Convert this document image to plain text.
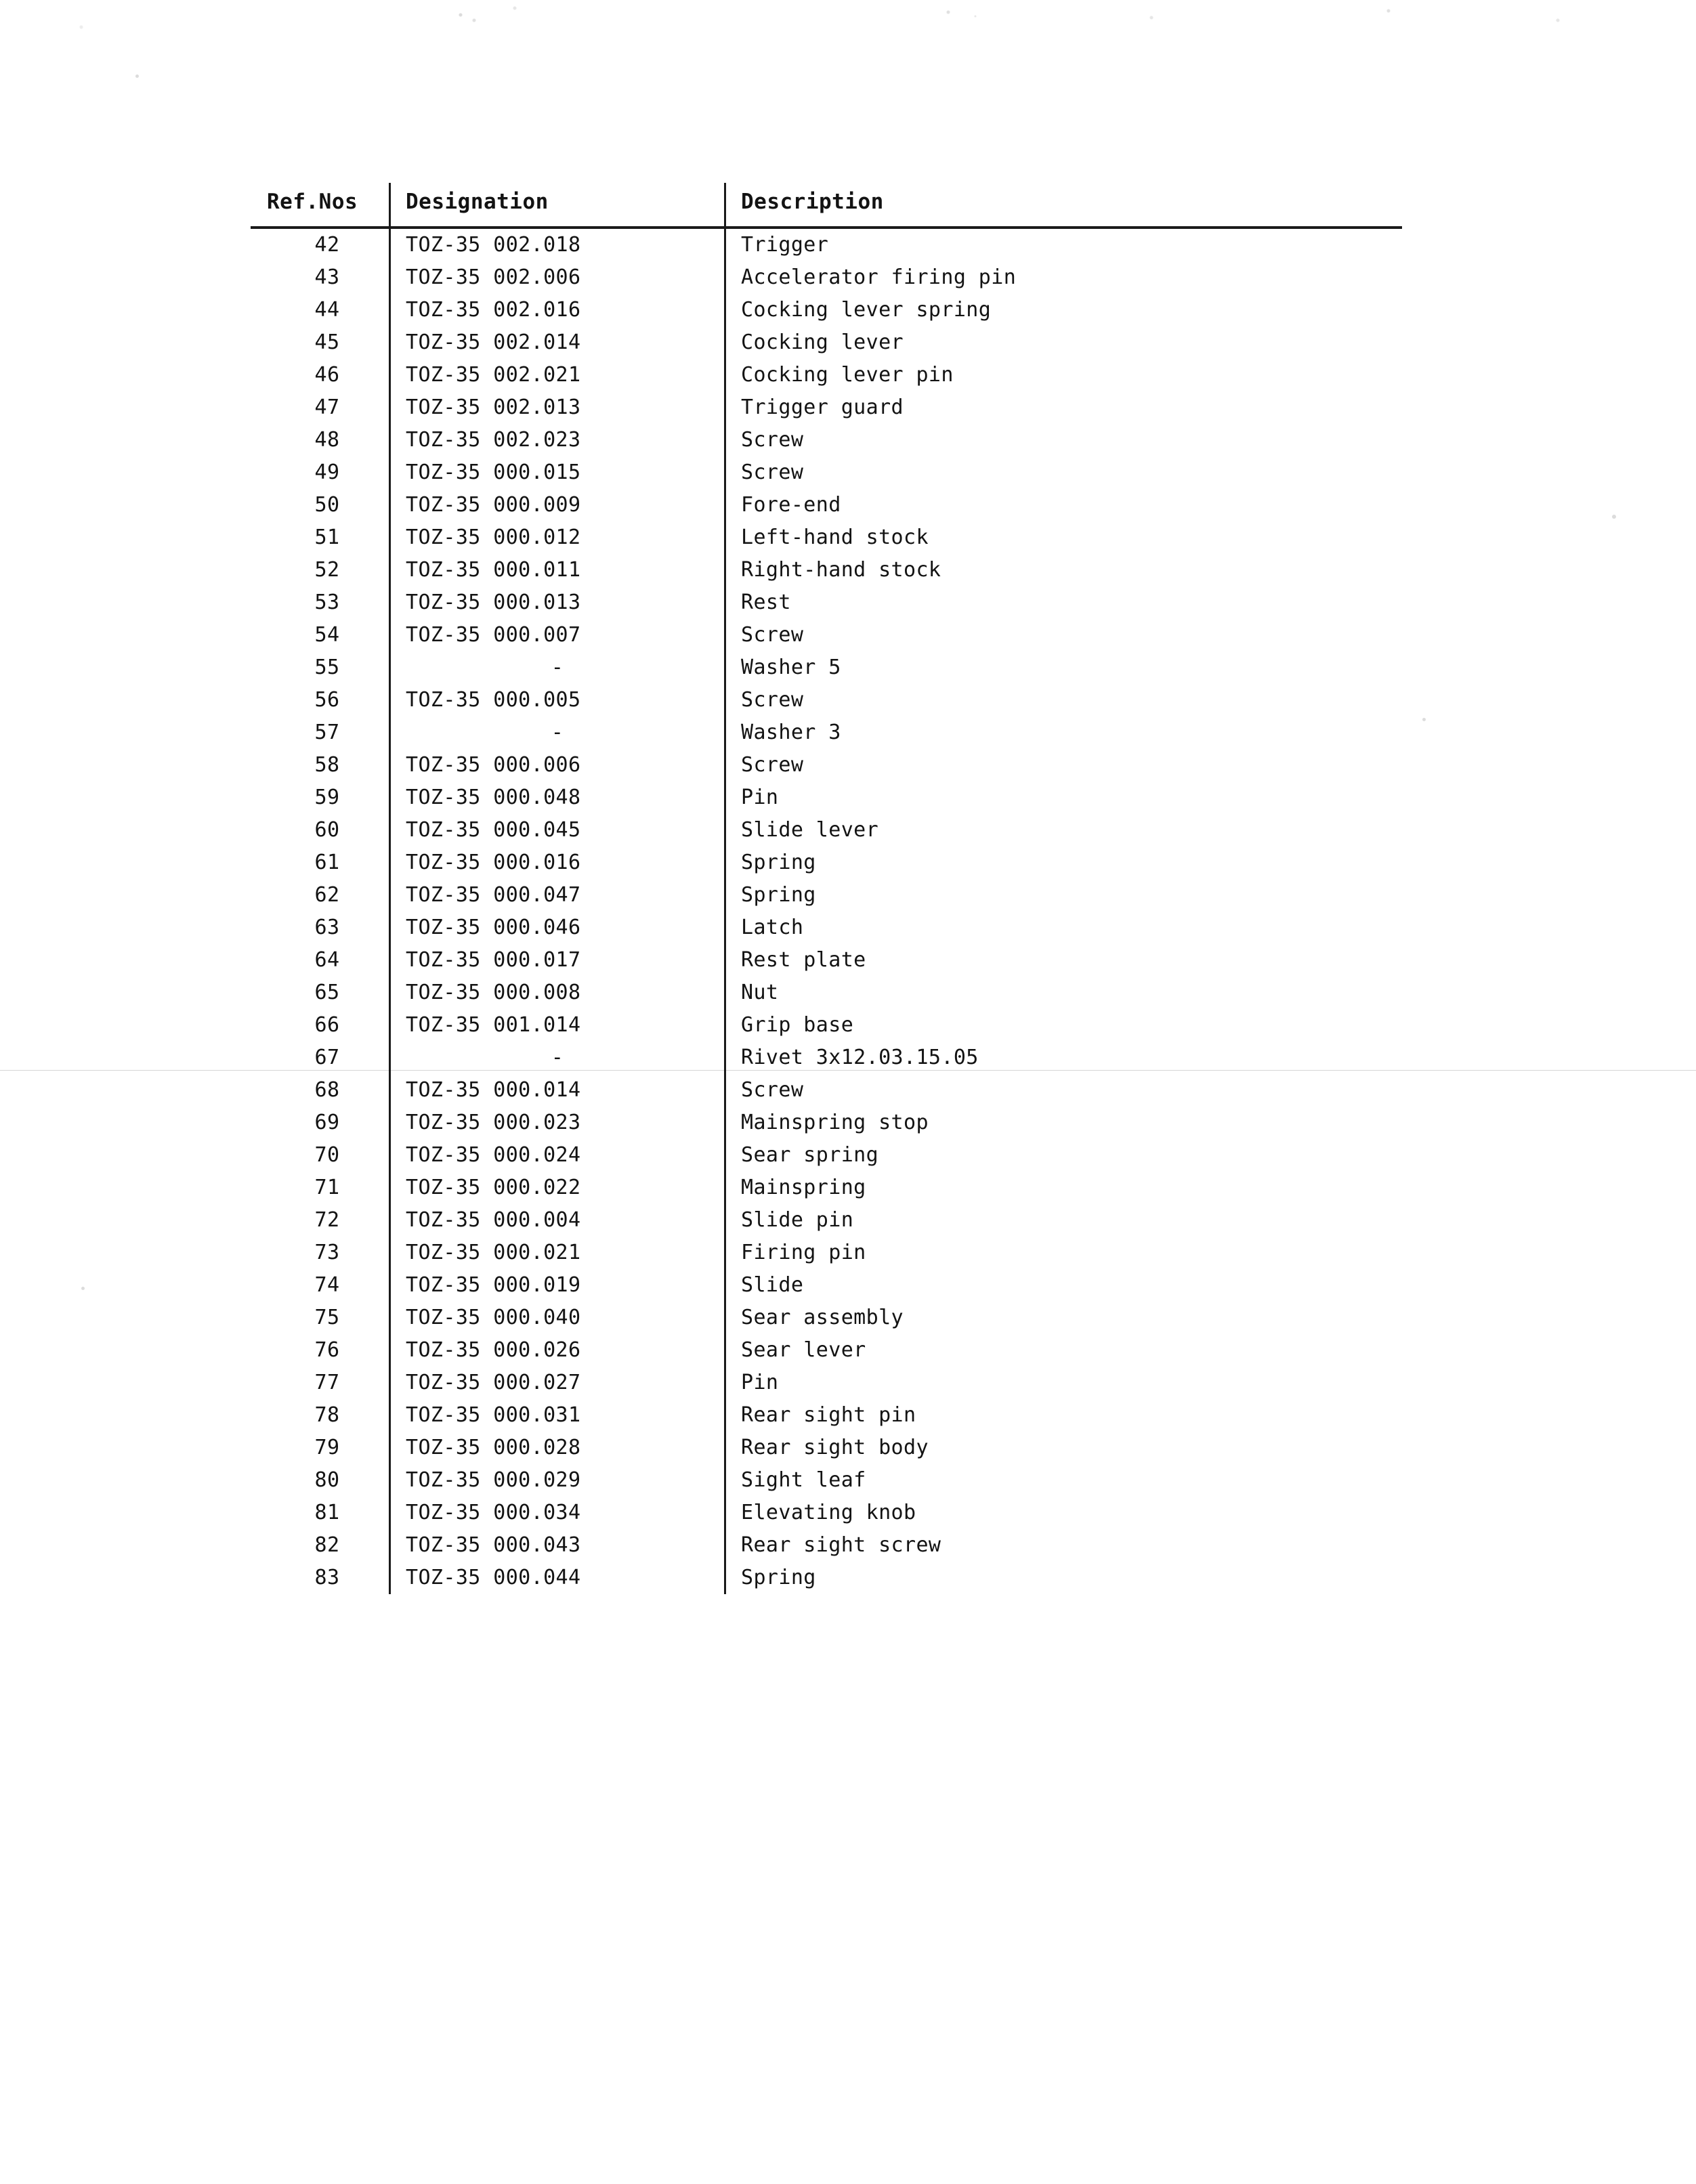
Ref.Nos	Designation	Description
42	TOZ-35 002.018	Trigger
43	TOZ-35 002.006	Accelerator firing pin
44	TOZ-35 002.016	Cocking lever spring
45	TOZ-35 002.014	Cocking lever
46	TOZ-35 002.021	Cocking lever pin
47	TOZ-35 002.013	Trigger guard
48	TOZ-35 002.023	Screw
49	TOZ-35 000.015	Screw
50	TOZ-35 000.009	Fore-end
51	TOZ-35 000.012	Left-hand stock
52	TOZ-35 000.011	Right-hand stock
53	TOZ-35 000.013	Rest
54	TOZ-35 000.007	Screw
55	-	Washer 5
56	TOZ-35 000.005	Screw
57	-	Washer 3
58	TOZ-35 000.006	Screw
59	TOZ-35 000.048	Pin
60	TOZ-35 000.045	Slide lever
61	TOZ-35 000.016	Spring
62	TOZ-35 000.047	Spring
63	TOZ-35 000.046	Latch
64	TOZ-35 000.017	Rest plate
65	TOZ-35 000.008	Nut
66	TOZ-35 001.014	Grip base
67	-	Rivet 3x12.03.15.05
68	TOZ-35 000.014	Screw
69	TOZ-35 000.023	Mainspring stop
70	TOZ-35 000.024	Sear spring
71	TOZ-35 000.022	Mainspring
72	TOZ-35 000.004	Slide pin
73	TOZ-35 000.021	Firing pin
74	TOZ-35 000.019	Slide
75	TOZ-35 000.040	Sear assembly
76	TOZ-35 000.026	Sear lever
77	TOZ-35 000.027	Pin
78	TOZ-35 000.031	Rear sight pin
79	TOZ-35 000.028	Rear sight body
80	TOZ-35 000.029	Sight leaf
81	TOZ-35 000.034	Elevating knob
82	TOZ-35 000.043	Rear sight screw
83	TOZ-35 000.044	Spring
